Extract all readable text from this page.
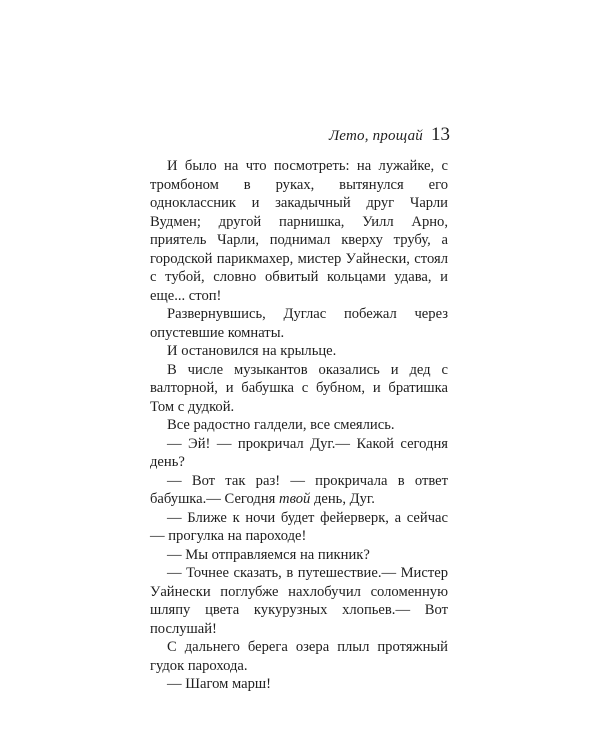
Лето, прощай 13

И было на что посмотреть: на лужайке, с тромбоном в руках, вытянулся его одноклассник и закадычный друг Чарли Вудмен; другой парнишка, Уилл Арно, приятель Чарли, поднимал кверху трубу, а городской парикмахер, мистер Уайнески, стоял с тубой, словно обвитый кольцами удава, и еще... стоп!

Развернувшись, Дуглас побежал через опустевшие комнаты.

И остановился на крыльце.

В числе музыкантов оказались и дед с валторной, и бабушка с бубном, и братишка Том с дудкой.

Все радостно галдели, все смеялись.

— Эй! — прокричал Дуг.— Какой сегодня день?

— Вот так раз! — прокричала в ответ бабушка.— Сегодня твой день, Дуг.

— Ближе к ночи будет фейерверк, а сейчас — прогулка на пароходе!

— Мы отправляемся на пикник?

— Точнее сказать, в путешествие.— Мистер Уайнески поглубже нахлобучил соломенную шляпу цвета кукурузных хлопьев.— Вот послушай!

С дальнего берега озера плыл протяжный гудок парохода.

— Шагом марш!
